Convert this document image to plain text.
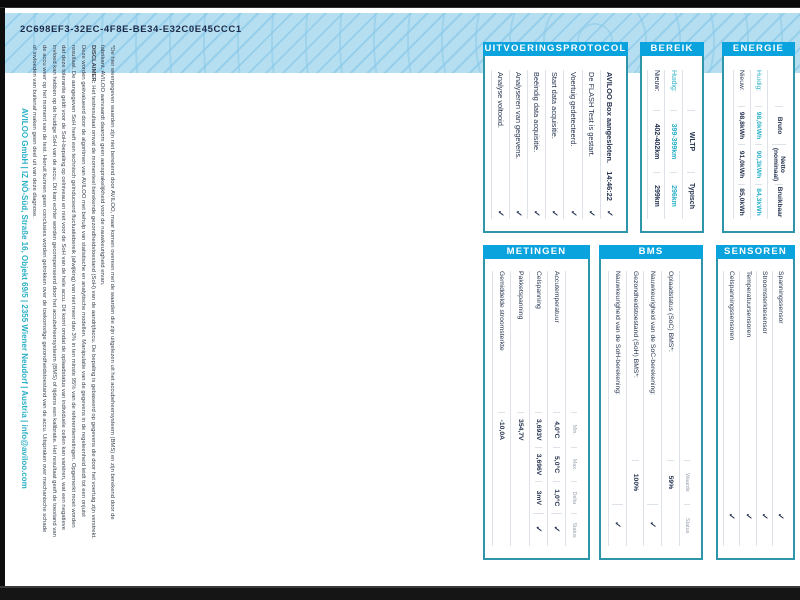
2C698EF3-32EC-4F8E-BE34-E32C0E45CCC1
*De hier weergegeven waarden zijn niet berekend door AVILOO, maar komen overeen met de waarden die zijn uitgelezen uit het accubeheersysteem (BMS) en zijn berekend door de
fabrikant. AVILOO aanvaardt daarom geen aansprakelijkheid voor de nauwkeurigheid ervan.
DISCLAIMER: Het testresultaat omvat de momenteel berekende gezondheidstoestand (SoH) van de aandrijfaccu. De bepaling is gebaseerd op gegevens die door het voertuig zijn verstrekt.
Deze worden geëvalueerd door de algoritmen van AVILOO met behulp van statistische en analytische modellen. Manipulatie van de gegevens in de regeleenheid leidt tot een onjuist
resultaat. De aangegeven SoH heeft een technisch geïnduceerd fluctuatiebereik (afwijking) van niet meer dan 3% in ten minste 95% van de referentiemetingen. Opgemerkt moet worden
dat deze tolerantie geldt voor de SoH-bepaling op celniveau en niet voor de SoH van de hele accu. Dit komt omdat de oplaadstatus van individuele cellen kan variëren, wat een negatieve
invloed kan hebben op de huidige SoH van de accu. Dit kan echter worden gecompenseerd door het accubeheersysteem (BMS) of tijdens een kalibratie. Het resultaat geeft de toestand van
de accu weer op het moment van de test. Hieruit kunnen geen conclusies worden getrokken over de toekomstige gezondheidstoestand van de accu. Uitspraken over mechanische schade
of invloeden van buitenaf maken geen deel uit van deze diagnose.
AVILOO GmbH | IZ NÖ-Süd, Straße 16, Objekt 69/5 | 2355 Wiener Neudorf | Austria | info@aviloo.com
UITVOERINGSPROTOCOL
AVILOO Box aangesloten.
14:46:22
✓
De FLASH Test is gestart.
✓
Voertuig gedetecteerd.
✓
Start data acquisitie.
✓
Beëindig data acquisitie.
✓
Analyseren van gegevens.
✓
Analyse voltooid.
✓
BEREIK
WLTP
Typisch
Huidig:
399-399km
296km
Nieuw:
402-402km
299km
ENERGIE
Bruto
Netto (nominaal)
Bruikbaar
Huidig:
98,0kWh
90,3kWh
84,3kWh
Nieuw:
98,8kWh
91,0kWh
85,0kWh
METINGEN
Min.
Max.
Delta
Status
Accutemperatuur
4,0°C
5,0°C
1,0°C
✓
Celspanning
3,693V
3,696V
3mV
✓
Pakketspanning
354,7V
Gemiddelde stroomsterkte
-10,0A
BMS
Waarde
Status
Oplaadstatus (SoC) BMS*:
59%
Nauwkeurigheid van de SoC-berekening:
✓
Gezondheidstoestand (SoH) BMS*:
100%
Nauwkeurigheid van de SoH-berekening:
✓
SENSOREN
Spanningssensor
✓
Stroomsterktesensor
✓
Temperatuursensoren
✓
Celspanningssensoren
✓
